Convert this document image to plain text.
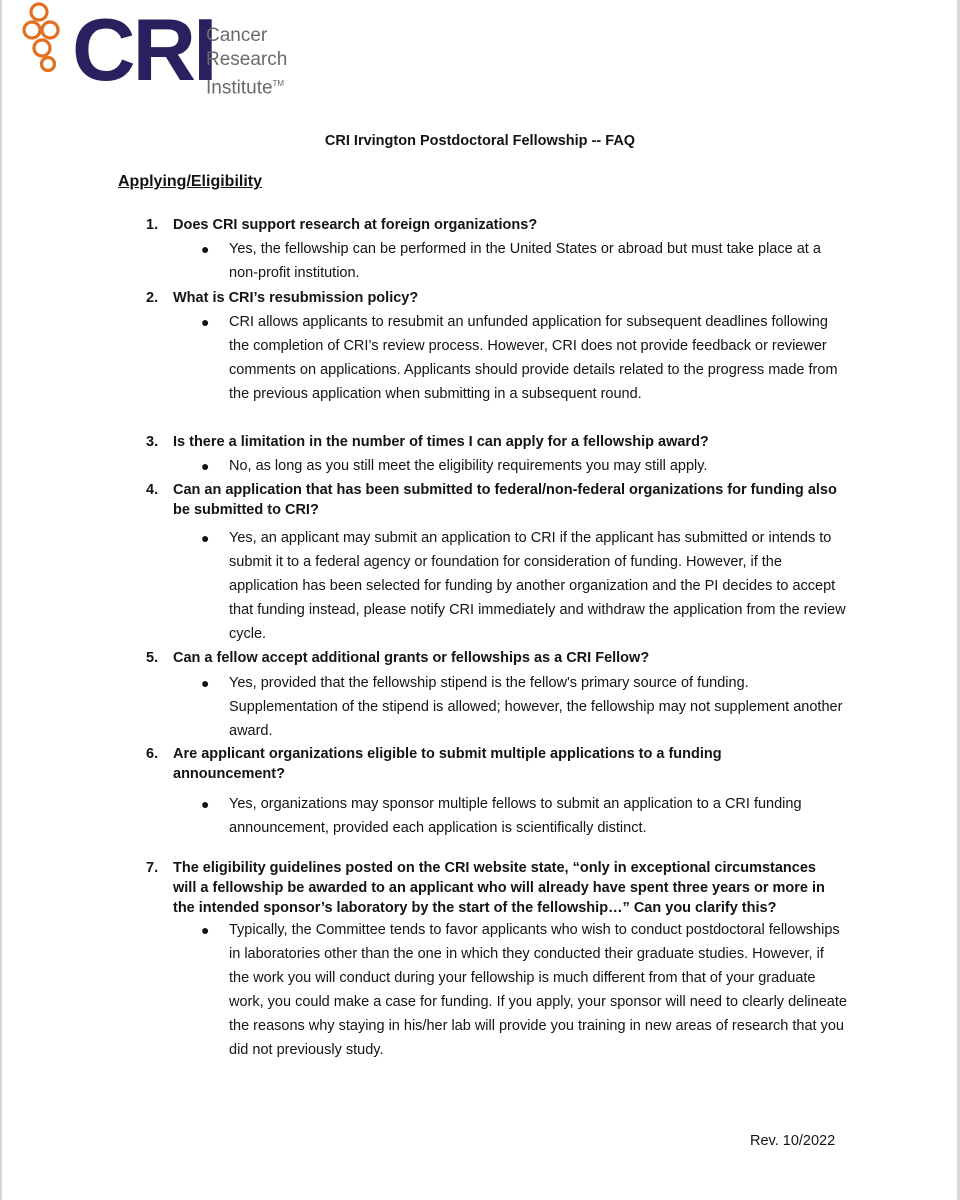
CRI
Cancer
Research
Institute™
CRI Irvington Postdoctoral Fellowship -- FAQ
Applying/Eligibility
1. Does CRI support research at foreign organizations?
● Yes, the fellowship can be performed in the United States or abroad but must take place at a non-profit institution.
2. What is CRI’s resubmission policy?
● CRI allows applicants to resubmit an unfunded application for subsequent deadlines following the completion of CRI’s review process. However, CRI does not provide feedback or reviewer comments on applications. Applicants should provide details related to the progress made from the previous application when submitting in a subsequent round.
3. Is there a limitation in the number of times I can apply for a fellowship award?
● No, as long as you still meet the eligibility requirements you may still apply.
4. Can an application that has been submitted to federal/non-federal organizations for funding also be submitted to CRI?
● Yes, an applicant may submit an application to CRI if the applicant has submitted or intends to submit it to a federal agency or foundation for consideration of funding. However, if the application has been selected for funding by another organization and the PI decides to accept that funding instead, please notify CRI immediately and withdraw the application from the review cycle.
5. Can a fellow accept additional grants or fellowships as a CRI Fellow?
● Yes, provided that the fellowship stipend is the fellow's primary source of funding. Supplementation of the stipend is allowed; however, the fellowship may not supplement another award.
6. Are applicant organizations eligible to submit multiple applications to a funding announcement?
● Yes, organizations may sponsor multiple fellows to submit an application to a CRI funding announcement, provided each application is scientifically distinct.
7. The eligibility guidelines posted on the CRI website state, “only in exceptional circumstances will a fellowship be awarded to an applicant who will already have spent three years or more in the intended sponsor’s laboratory by the start of the fellowship…” Can you clarify this?
● Typically, the Committee tends to favor applicants who wish to conduct postdoctoral fellowships in laboratories other than the one in which they conducted their graduate studies. However, if the work you will conduct during your fellowship is much different from that of your graduate work, you could make a case for funding. If you apply, your sponsor will need to clearly delineate the reasons why staying in his/her lab will provide you training in new areas of research that you did not previously study.
Rev. 10/2022
